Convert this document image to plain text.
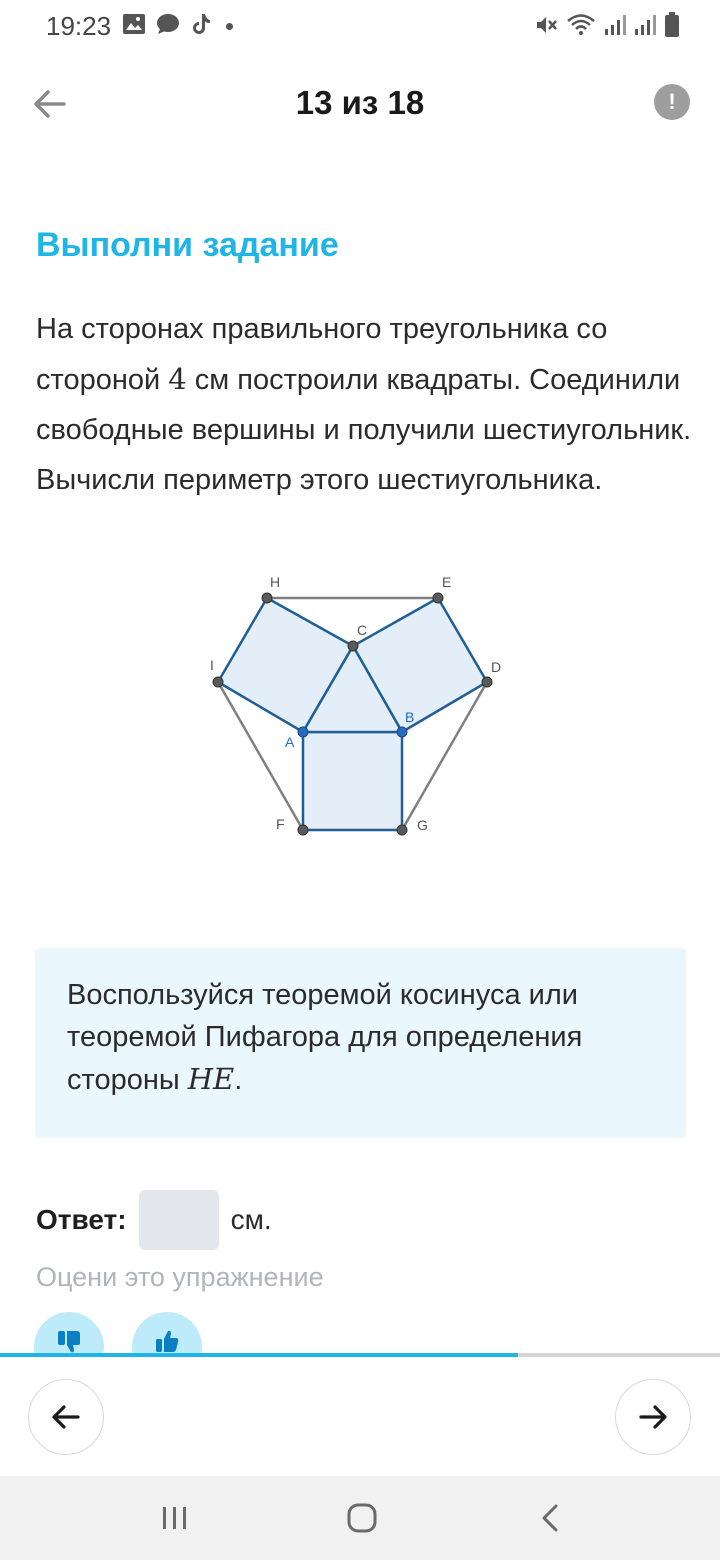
19:23
13 из 18	!
Выполни задание
На сторонах правильного треугольника со стороной 4 см построили квадраты. Соединили свободные вершины и получили шестиугольник. Вычисли периметр этого шестиугольника.
H	E
C
I	D
A
B
F	G
Воспользуйся теоремой косинуса или теоремой Пифагора для определения стороны HE.
Ответ:	см.
Оцени это упражнение
